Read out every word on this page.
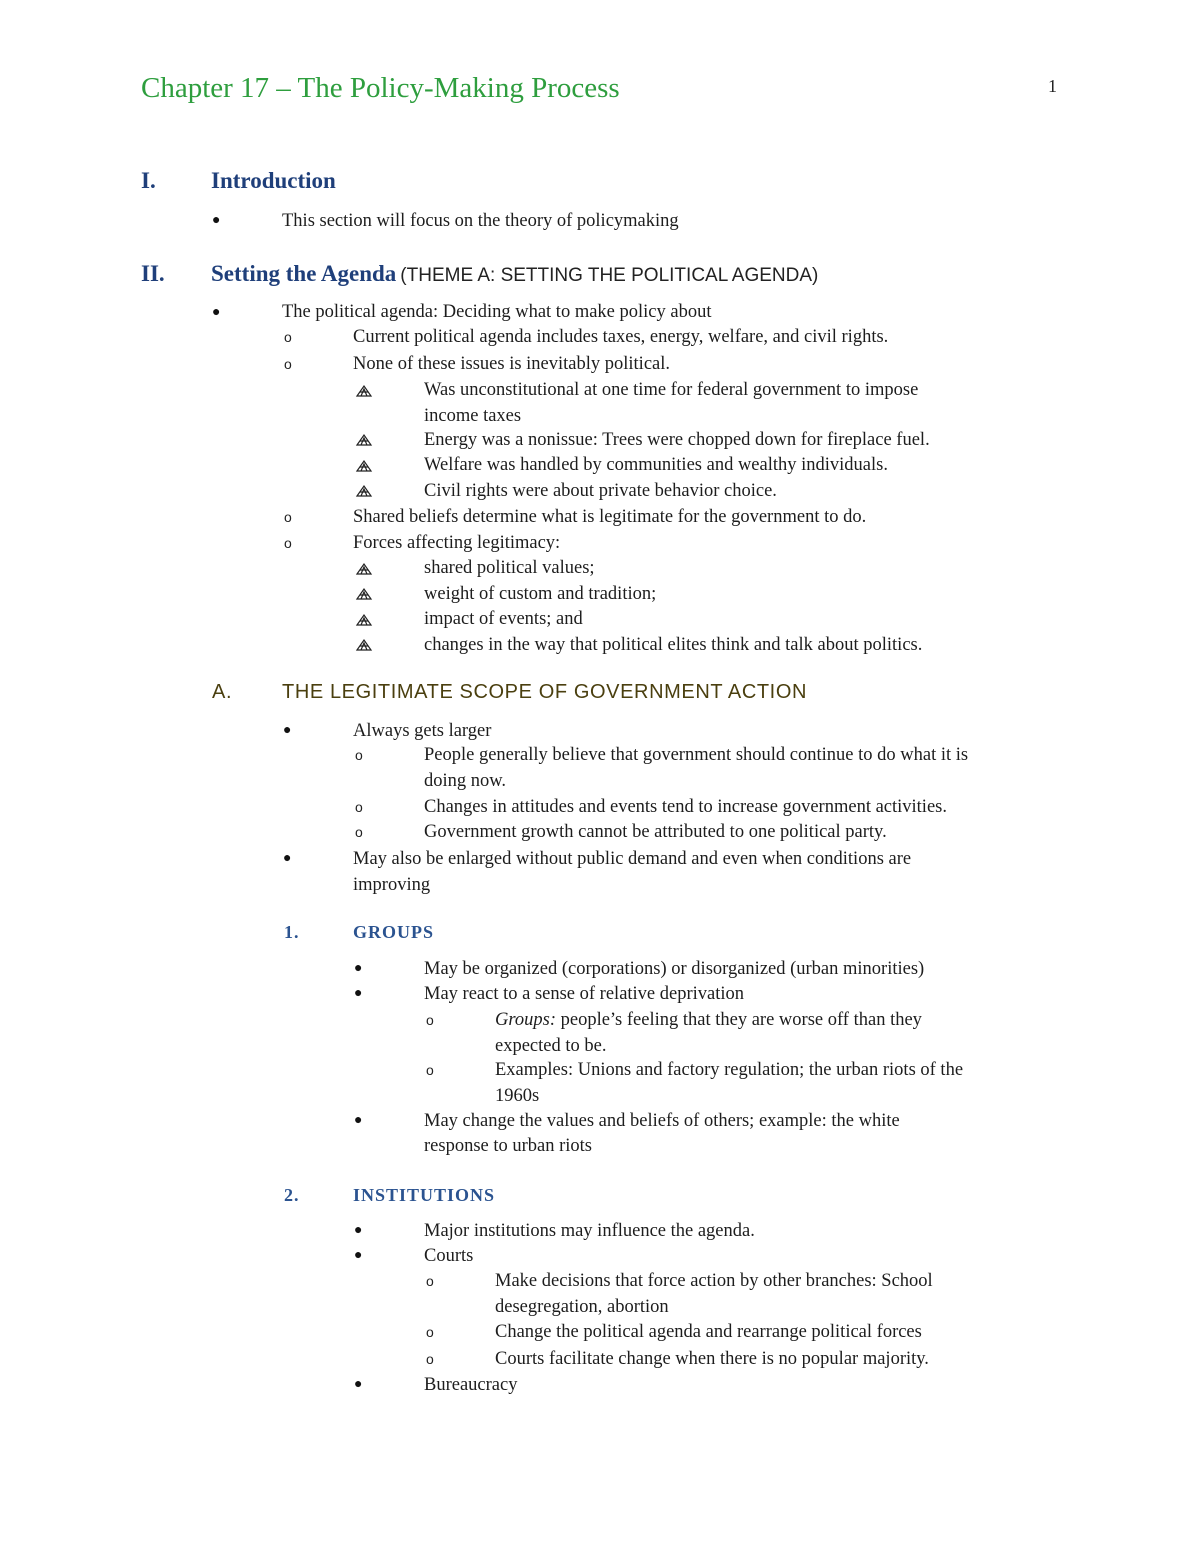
Chapter 17 – The Policy-Making Process	1
I. Introduction
●	This section will focus on the theory of policymaking
II. Setting the Agenda (THEME A: SETTING THE POLITICAL AGENDA)
●	The political agenda: Deciding what to make policy about
o	Current political agenda includes taxes, energy, welfare, and civil rights.
o	None of these issues is inevitably political.
Was unconstitutional at one time for federal government to impose
income taxes
Energy was a nonissue: Trees were chopped down for fireplace fuel.
Welfare was handled by communities and wealthy individuals.
Civil rights were about private behavior choice.
o	Shared beliefs determine what is legitimate for the government to do.
o	Forces affecting legitimacy:
shared political values;
weight of custom and tradition;
impact of events; and
changes in the way that political elites think and talk about politics.
A. THE LEGITIMATE SCOPE OF GOVERNMENT ACTION
●	Always gets larger
o	People generally believe that government should continue to do what it is
doing now.
o	Changes in attitudes and events tend to increase government activities.
o	Government growth cannot be attributed to one political party.
●	May also be enlarged without public demand and even when conditions are
improving
1.	GROUPS
●	May be organized (corporations) or disorganized (urban minorities)
●	May react to a sense of relative deprivation
o	Groups: people’s feeling that they are worse off than they
expected to be.
o	Examples: Unions and factory regulation; the urban riots of the
1960s
●	May change the values and beliefs of others; example: the white
response to urban riots
2.	INSTITUTIONS
●	Major institutions may influence the agenda.
●	Courts
o	Make decisions that force action by other branches: School
desegregation, abortion
o	Change the political agenda and rearrange political forces
o	Courts facilitate change when there is no popular majority.
●	Bureaucracy
